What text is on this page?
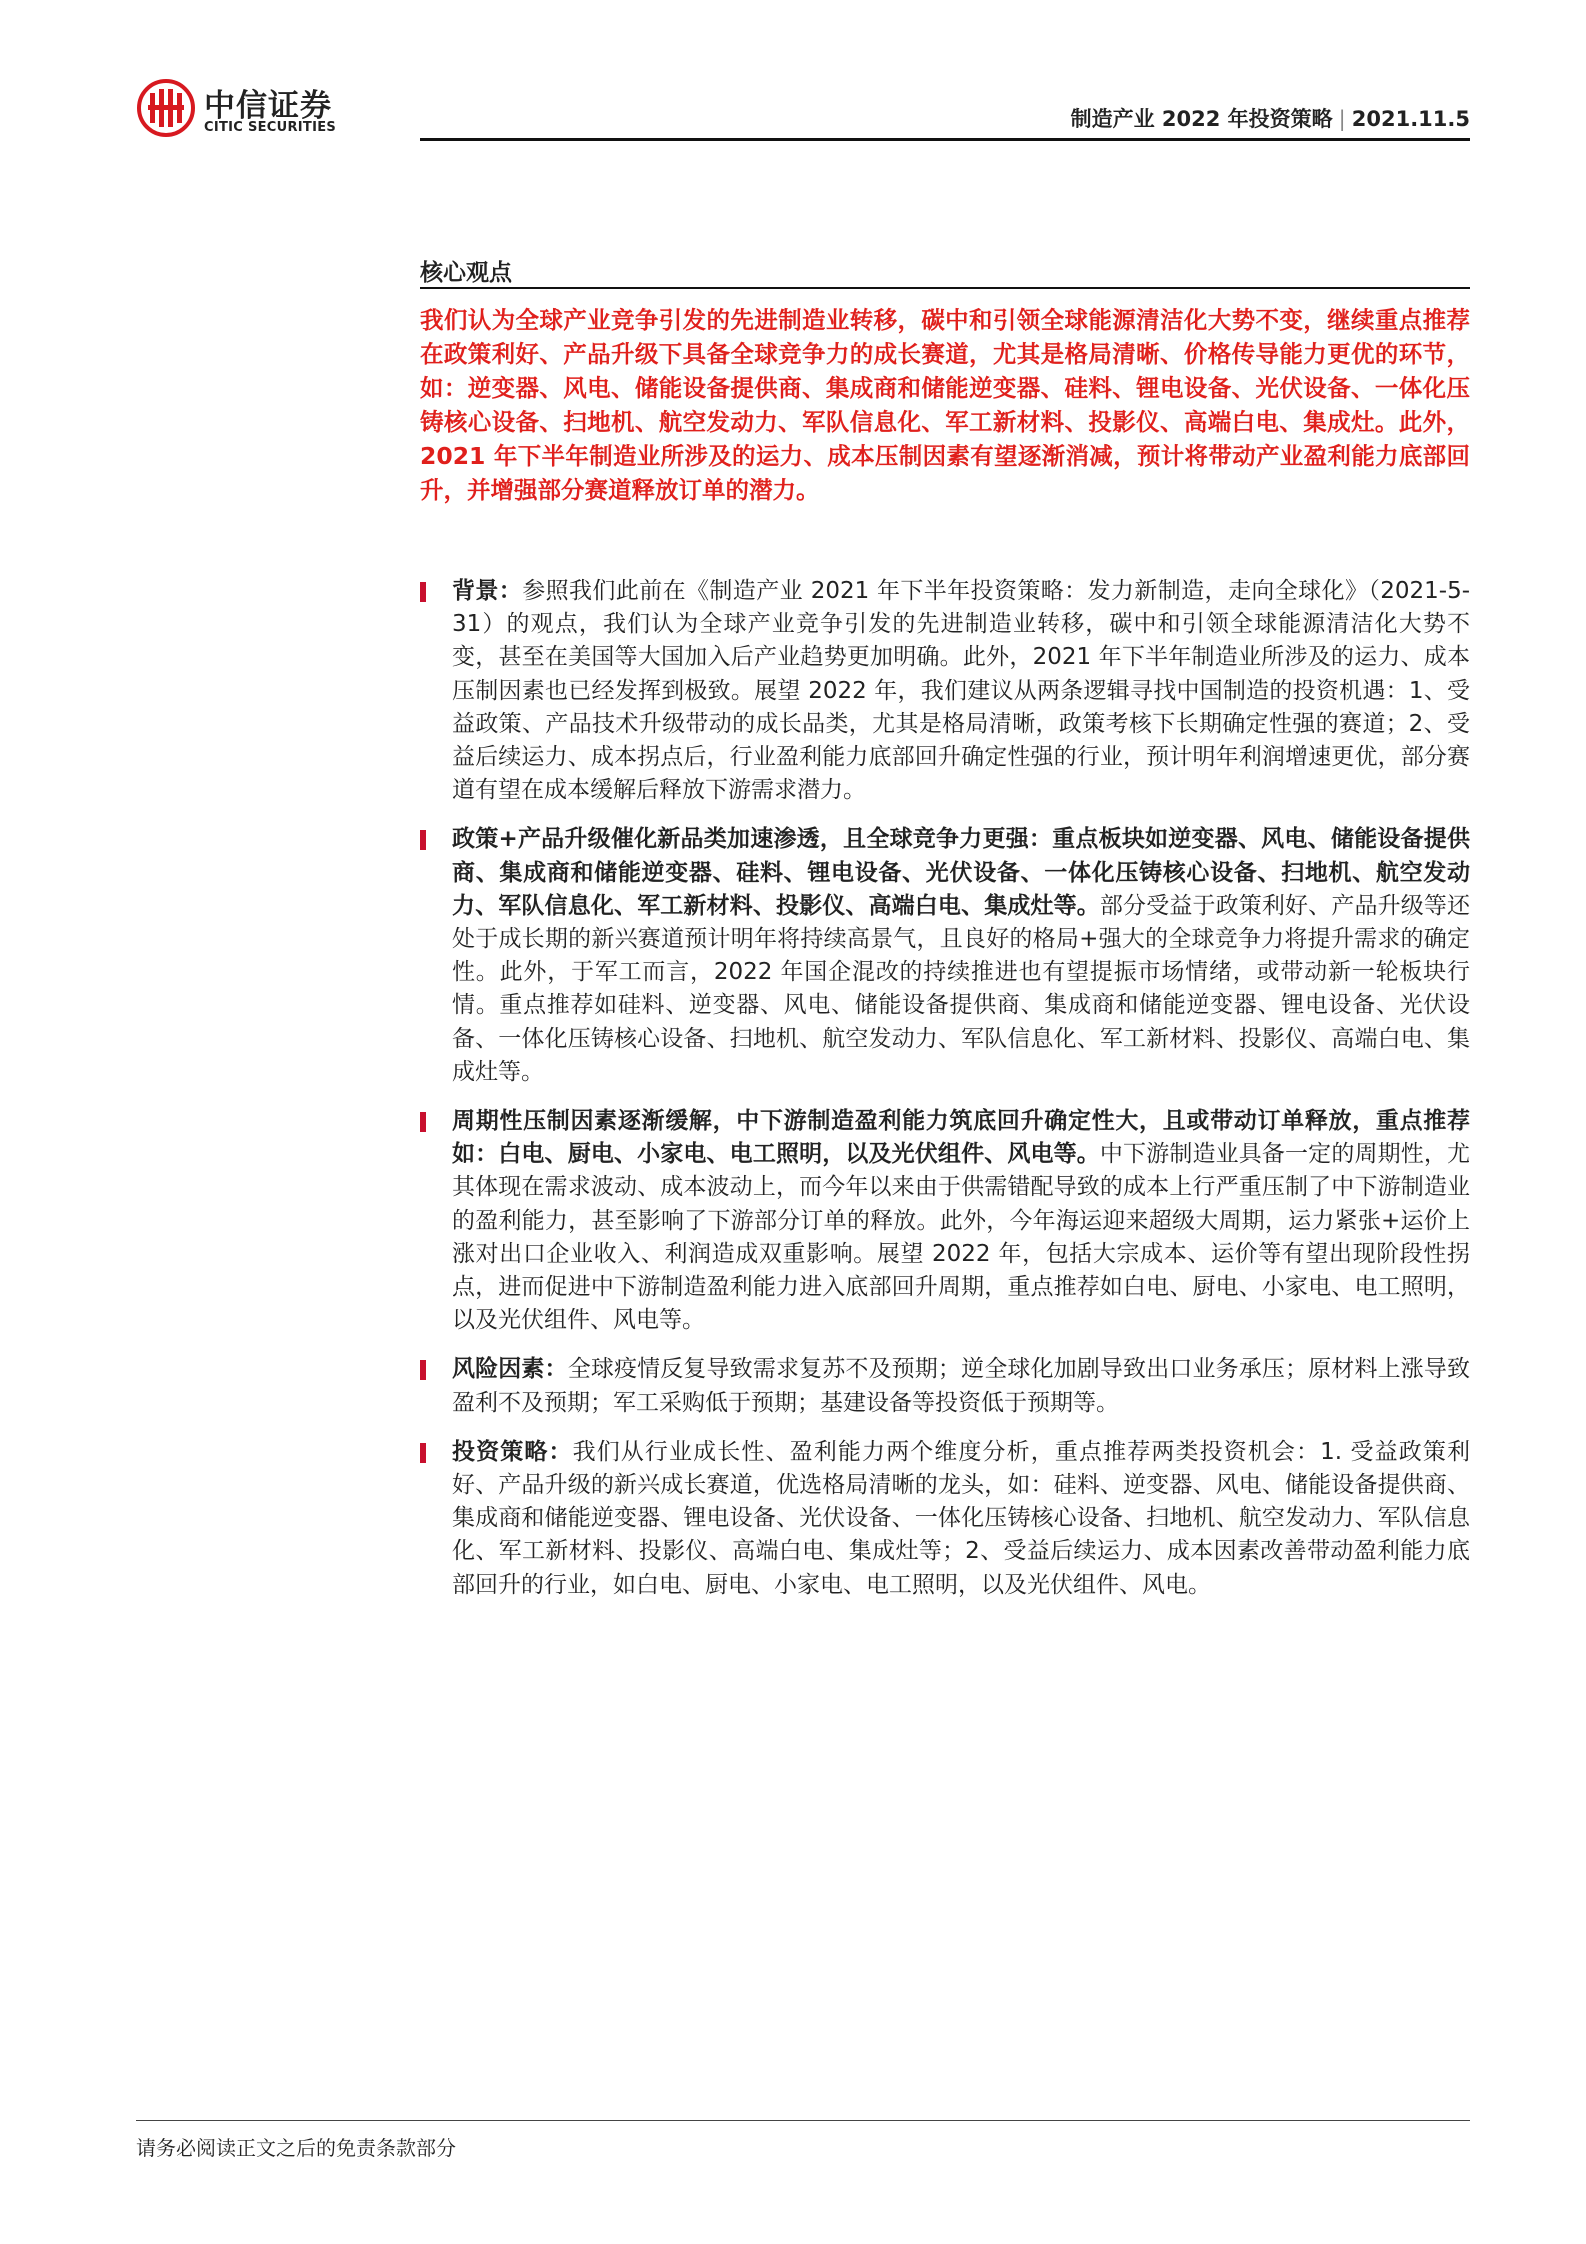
中信证券
CITIC SECURITIES	制造产业 2022 年投资策略 | 2021.11.5
核心观点

我们认为全球产业竞争引发的先进制造业转移，碳中和引领全球能源清洁化大势不变，继续重点推荐在政策利好、产品升级下具备全球竞争力的成长赛道，尤其是格局清晰、价格传导能力更优的环节，如：逆变器、风电、储能设备提供商、集成商和储能逆变器、硅料、锂电设备、光伏设备、一体化压铸核心设备、扫地机、航空发动力、军队信息化、军工新材料、投影仪、高端白电、集成灶。此外，2021 年下半年制造业所涉及的运力、成本压制因素有望逐渐消减，预计将带动产业盈利能力底部回升，并增强部分赛道释放订单的潜力。

背景：参照我们此前在《制造产业 2021 年下半年投资策略：发力新制造，走向全球化》（2021-5-31）的观点，我们认为全球产业竞争引发的先进制造业转移，碳中和引领全球能源清洁化大势不变，甚至在美国等大国加入后产业趋势更加明确。此外，2021 年下半年制造业所涉及的运力、成本压制因素也已经发挥到极致。展望 2022 年，我们建议从两条逻辑寻找中国制造的投资机遇：1、受益政策、产品技术升级带动的成长品类，尤其是格局清晰，政策考核下长期确定性强的赛道；2、受益后续运力、成本拐点后，行业盈利能力底部回升确定性强的行业，预计明年利润增速更优，部分赛道有望在成本缓解后释放下游需求潜力。

政策+产品升级催化新品类加速渗透，且全球竞争力更强：重点板块如逆变器、风电、储能设备提供商、集成商和储能逆变器、硅料、锂电设备、光伏设备、一体化压铸核心设备、扫地机、航空发动力、军队信息化、军工新材料、投影仪、高端白电、集成灶等。部分受益于政策利好、产品升级等还处于成长期的新兴赛道预计明年将持续高景气，且良好的格局+强大的全球竞争力将提升需求的确定性。此外，于军工而言，2022 年国企混改的持续推进也有望提振市场情绪，或带动新一轮板块行情。重点推荐如硅料、逆变器、风电、储能设备提供商、集成商和储能逆变器、锂电设备、光伏设备、一体化压铸核心设备、扫地机、航空发动力、军队信息化、军工新材料、投影仪、高端白电、集成灶等。

周期性压制因素逐渐缓解，中下游制造盈利能力筑底回升确定性大，且或带动订单释放，重点推荐如：白电、厨电、小家电、电工照明，以及光伏组件、风电等。中下游制造业具备一定的周期性，尤其体现在需求波动、成本波动上，而今年以来由于供需错配导致的成本上行严重压制了中下游制造业的盈利能力，甚至影响了下游部分订单的释放。此外，今年海运迎来超级大周期，运力紧张+运价上涨对出口企业收入、利润造成双重影响。展望 2022 年，包括大宗成本、运价等有望出现阶段性拐点，进而促进中下游制造盈利能力进入底部回升周期，重点推荐如白电、厨电、小家电、电工照明，以及光伏组件、风电等。

风险因素：全球疫情反复导致需求复苏不及预期；逆全球化加剧导致出口业务承压；原材料上涨导致盈利不及预期；军工采购低于预期；基建设备等投资低于预期等。

投资策略：我们从行业成长性、盈利能力两个维度分析，重点推荐两类投资机会：1. 受益政策利好、产品升级的新兴成长赛道，优选格局清晰的龙头，如：硅料、逆变器、风电、储能设备提供商、集成商和储能逆变器、锂电设备、光伏设备、一体化压铸核心设备、扫地机、航空发动力、军队信息化、军工新材料、投影仪、高端白电、集成灶等；2、受益后续运力、成本因素改善带动盈利能力底部回升的行业，如白电、厨电、小家电、电工照明，以及光伏组件、风电。

请务必阅读正文之后的免责条款部分
